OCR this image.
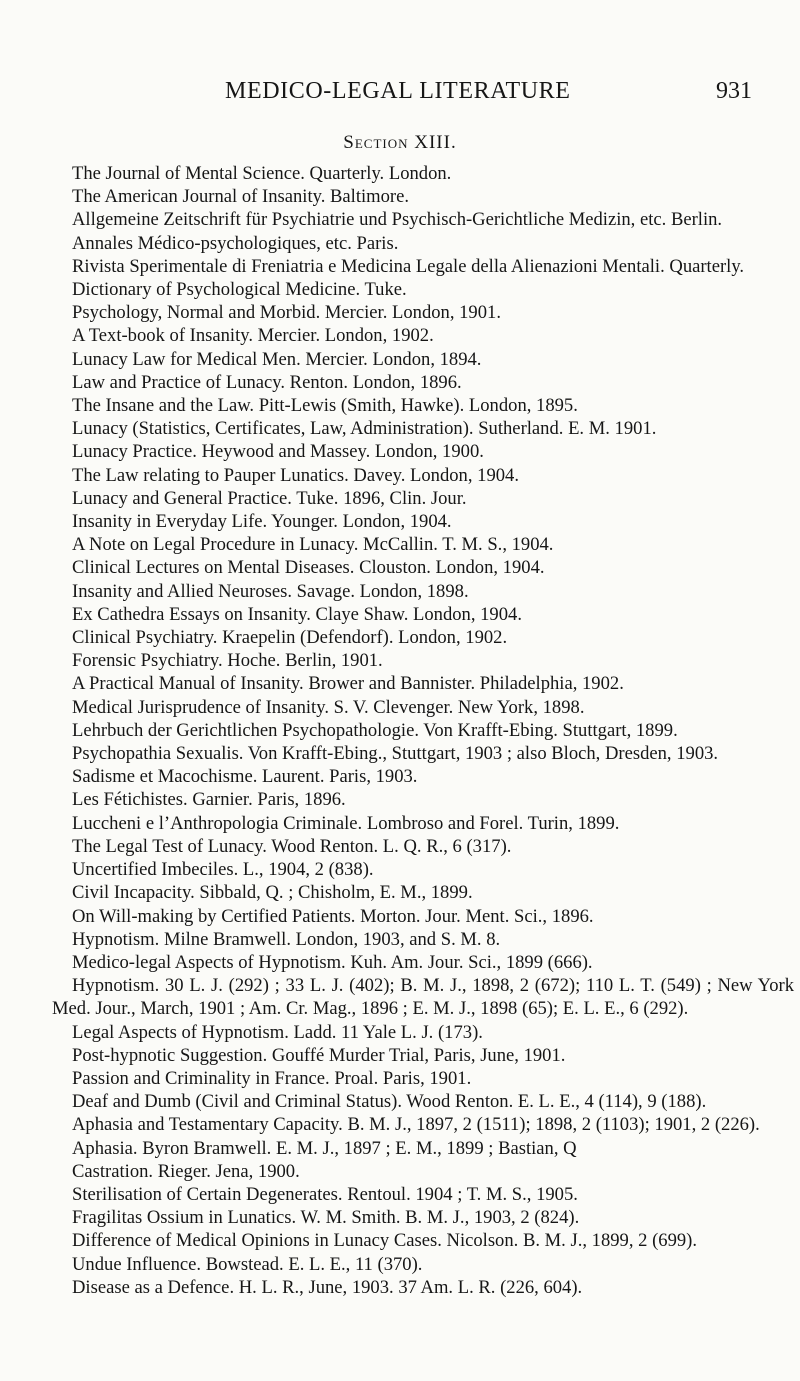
MEDICO-LEGAL LITERATURE	931
Section XIII.
The Journal of Mental Science. Quarterly. London.
The American Journal of Insanity. Baltimore.
Allgemeine Zeitschrift für Psychiatrie und Psychisch-Gerichtliche Medizin, etc. Berlin.
Annales Médico-psychologiques, etc. Paris.
Rivista Sperimentale di Freniatria e Medicina Legale della Alienazioni Mentali. Quarterly.
Dictionary of Psychological Medicine. Tuke.
Psychology, Normal and Morbid. Mercier. London, 1901.
A Text-book of Insanity. Mercier. London, 1902.
Lunacy Law for Medical Men. Mercier. London, 1894.
Law and Practice of Lunacy. Renton. London, 1896.
The Insane and the Law. Pitt-Lewis (Smith, Hawke). London, 1895.
Lunacy (Statistics, Certificates, Law, Administration). Sutherland. E. M. 1901.
Lunacy Practice. Heywood and Massey. London, 1900.
The Law relating to Pauper Lunatics. Davey. London, 1904.
Lunacy and General Practice. Tuke. 1896, Clin. Jour.
Insanity in Everyday Life. Younger. London, 1904.
A Note on Legal Procedure in Lunacy. McCallin. T. M. S., 1904.
Clinical Lectures on Mental Diseases. Clouston. London, 1904.
Insanity and Allied Neuroses. Savage. London, 1898.
Ex Cathedra Essays on Insanity. Claye Shaw. London, 1904.
Clinical Psychiatry. Kraepelin (Defendorf). London, 1902.
Forensic Psychiatry. Hoche. Berlin, 1901.
A Practical Manual of Insanity. Brower and Bannister. Philadelphia, 1902.
Medical Jurisprudence of Insanity. S. V. Clevenger. New York, 1898.
Lehrbuch der Gerichtlichen Psychopathologie. Von Krafft-Ebing. Stuttgart, 1899.
Psychopathia Sexualis. Von Krafft-Ebing., Stuttgart, 1903 ; also Bloch, Dresden, 1903.
Sadisme et Macochisme. Laurent. Paris, 1903.
Les Fétichistes. Garnier. Paris, 1896.
Luccheni e l’Anthropologia Criminale. Lombroso and Forel. Turin, 1899.
The Legal Test of Lunacy. Wood Renton. L. Q. R., 6 (317).
Uncertified Imbeciles. L., 1904, 2 (838).
Civil Incapacity. Sibbald, Q. ; Chisholm, E. M., 1899.
On Will-making by Certified Patients. Morton. Jour. Ment. Sci., 1896.
Hypnotism. Milne Bramwell. London, 1903, and S. M. 8.
Medico-legal Aspects of Hypnotism. Kuh. Am. Jour. Sci., 1899 (666).
Hypnotism. 30 L. J. (292) ; 33 L. J. (402); B. M. J., 1898, 2 (672); 110 L. T. (549) ; New York Med. Jour., March, 1901 ; Am. Cr. Mag., 1896 ; E. M. J., 1898 (65); E. L. E., 6 (292).
Legal Aspects of Hypnotism. Ladd. 11 Yale L. J. (173).
Post-hypnotic Suggestion. Gouffé Murder Trial, Paris, June, 1901.
Passion and Criminality in France. Proal. Paris, 1901.
Deaf and Dumb (Civil and Criminal Status). Wood Renton. E. L. E., 4 (114), 9 (188).
Aphasia and Testamentary Capacity. B. M. J., 1897, 2 (1511); 1898, 2 (1103); 1901, 2 (226).
Aphasia. Byron Bramwell. E. M. J., 1897 ; E. M., 1899 ; Bastian, Q
Castration. Rieger. Jena, 1900.
Sterilisation of Certain Degenerates. Rentoul. 1904 ; T. M. S., 1905.
Fragilitas Ossium in Lunatics. W. M. Smith. B. M. J., 1903, 2 (824).
Difference of Medical Opinions in Lunacy Cases. Nicolson. B. M. J., 1899, 2 (699).
Undue Influence. Bowstead. E. L. E., 11 (370).
Disease as a Defence. H. L. R., June, 1903. 37 Am. L. R. (226, 604).
